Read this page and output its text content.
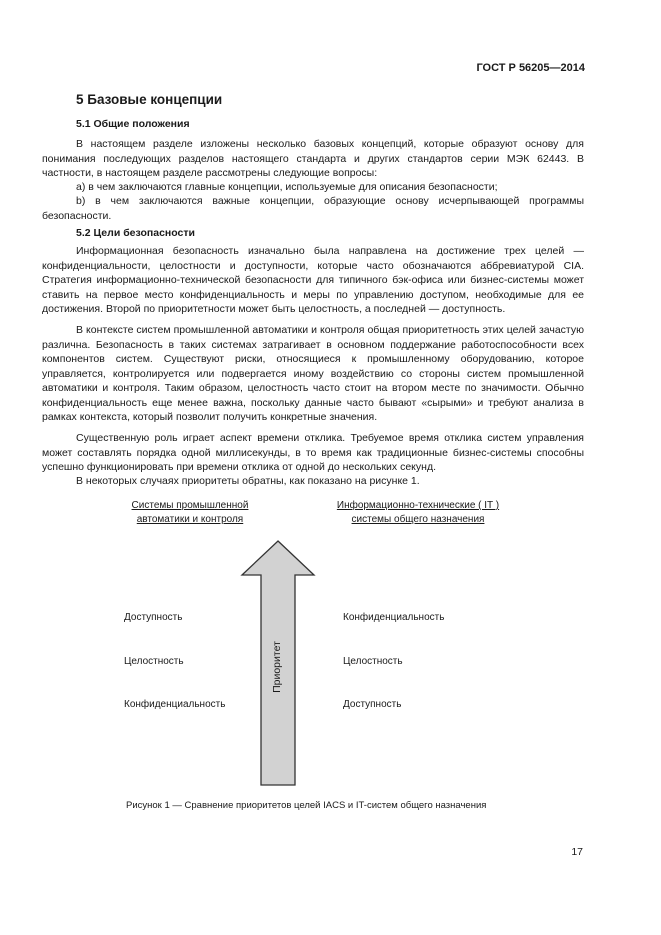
ГОСТ Р 56205—2014
5 Базовые концепции
5.1 Общие положения
В настоящем разделе изложены несколько базовых концепций, которые образуют основу для понимания последующих разделов настоящего стандарта и других стандартов серии МЭК 62443. В частности, в настоящем разделе рассмотрены следующие вопросы:
a) в чем заключаются главные концепции, используемые для описания безопасности;
b) в чем заключаются важные концепции, образующие основу исчерпывающей программы безопасности.
5.2 Цели безопасности
Информационная безопасность изначально была направлена на достижение трех целей — конфиденциальности, целостности и доступности, которые часто обозначаются аббревиатурой CIA. Стратегия информационно-технической безопасности для типичного бэк-офиса или бизнес-системы может ставить на первое место конфиденциальность и меры по управлению доступом, необходимые для ее достижения. Второй по приоритетности может быть целостность, а последней — доступность.
В контексте систем промышленной автоматики и контроля общая приоритетность этих целей зачастую различна. Безопасность в таких системах затрагивает в основном поддержание работоспособности всех компонентов систем. Существуют риски, относящиеся к промышленному оборудованию, которое управляется, контролируется или подвергается иному воздействию со стороны систем промышленной автоматики и контроля. Таким образом, целостность часто стоит на втором месте по значимости. Обычно конфиденциальность еще менее важна, поскольку данные часто бывают «сырыми» и требуют анализа в рамках контекста, который позволит получить конкретные значения.
Существенную роль играет аспект времени отклика. Требуемое время отклика систем управления может составлять порядка одной миллисекунды, в то время как традиционные бизнес-системы способны успешно функционировать при времени отклика от одной до нескольких секунд.
В некоторых случаях приоритеты обратны, как показано на рисунке 1.
Системы промышленной
автоматики и контроля
Информационно-технические ( IT )
системы общего назначения
Приоритет
Доступность
Целостность
Конфиденциальность
Конфиденциальность
Целостность
Доступность
Рисунок 1 — Сравнение приоритетов целей IACS и IT-систем общего назначения
17
